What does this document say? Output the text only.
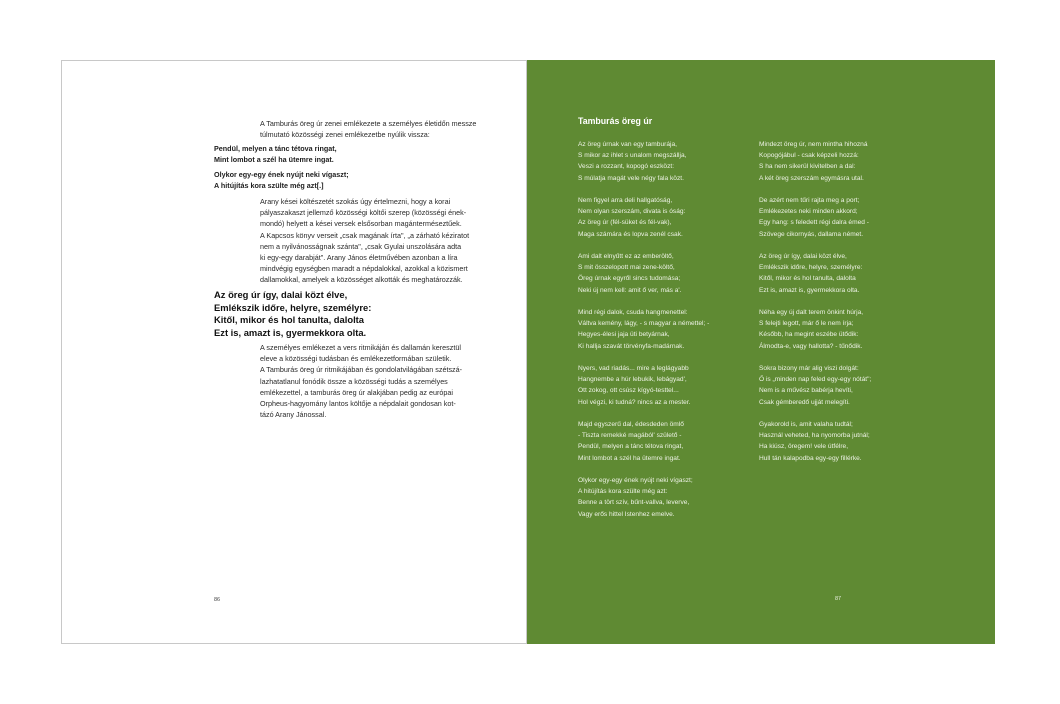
A Tamburás öreg úr zenei emlékezete a személyes életidőn messze

túlmutató közösségi zenei emlékezetbe nyúlik vissza:

Pendül, melyen a tánc tétova ringat,

Mint lombot a szél ha ütemre ingat.

Olykor egy-egy ének nyújt neki vígaszt;

A hitújítás kora szülte még azt[.]

Arany kései költészetét szokás úgy értelmezni, hogy a korai

pályaszakaszt jellemző közösségi költői szerep (közösségi ének-

mondó) helyett a kései versek elsősorban magánterméseztűek.

A Kapcsos könyv verseit „csak magának írta", „a zárható kéziratot

nem a nyilvánosságnak szánta", „csak Gyulai unszolására adta

ki egy-egy darabját". Arany János életművében azonban a líra

mindvégig egységben maradt a népdalokkal, azokkal a közismert

dallamokkal, amelyek a közösséget alkották és meghatározzák.

Az öreg úr így, dalai közt élve,

Emlékszik időre, helyre, személyre:

Kitől, mikor és hol tanulta, dalolta

Ezt is, amazt is, gyermekkora olta.

A személyes emlékezet a vers ritmikáján és dallamán keresztül

eleve a közösségi tudásban és emlékezetformában születik.

A Tamburás öreg úr ritmikájában és gondolatvilágában szétszá-

lazhatatlanul fonódik össze a közösségi tudás a személyes

emlékezettel, a tamburás öreg úr alakjában pedig az európai

Orpheus-hagyomány lantos költője a népdalait gondosan kot-

tázó Arany Jánossal.

86
Tamburás öreg úr
Az öreg úrnak van egy tamburája,
S mikor az ihlet s unalom megszállja,
Veszi a rozzant, kopogó eszközt:
S múlatja magát vele négy fala közt.
Nem figyel arra deli hallgatóság,
Nem olyan szerszám, divata is óság:
Az öreg úr (fél-süket és fél-vak),
Maga számára és lopva zenél csak.
Ami dalt elnyűtt ez az emberöltő,
S mit összelopott mai zene-költő,
Öreg úrnak egyről sincs tudomása;
Neki új nem kell: amit ő ver, más a'.
Mind régi dalok, csuda hangmenettel:
Váltva kemény, lágy, - s magyar a némettel; -
Hegyes-élesi jaja üti betyárnak,
Ki hallja szavát törvényfa-madárnak.
Nyers, vad riadás... mire a leglágyabb
Hangnembe a húr lebukik, lebágyad',
Ott zokog, ott csúsz kígyó-testtel...
Hol végzi, ki tudná? nincs az a mester.
Majd egyszerű dal, édesdeden ömlő
- Tiszta remekké magából' születő -
Pendül, melyen a tánc tétova ringat,
Mint lombot a szél ha ütemre ingat.
Olykor egy-egy ének nyújt neki vígaszt;
A hitújítás kora szülte még azt:
Benne a tört szív, bűnt-vallva, leverve,
Vagy erős hittel Istenhez emelve.
Mindezt öreg úr, nem mintha hihozná
Kopogójábul - csak képzeli hozzá:
S ha nem sikerül kivitelben a dal:
A két öreg szerszám egymásra utal.
De azért nem tűri rajta meg a port;
Emlékezetes neki minden akkord;
Egy hang: s feledett régi dalra émed -
Szövege cikornyás, dallama német.
Az öreg úr így, dalai közt élve,
Emlékszik időre, helyre, személyre:
Kitől, mikor és hol tanulta, dalolta
Ezt is, amazt is, gyermekkora olta.
Néha egy új dalt terem önkint húrja,
S felejti legott, már ő le nem írja;
Később, ha megint eszébe ütődik:
Álmodta-e, vagy hallotta? - tűnődik.
Sokra bizony már alig viszi dolgát:
Ő is „minden nap feled egy-egy nótát";
Nem is a művész babérja hevíti,
Csak gémberedő ujját melegíti.
Gyakorold is, amit valaha tudtál;
Használ veheted, ha nyomorba jutnál;
Ha kiúsz, öregem! vele útfélre,
Hull tán kalapodba egy-egy fillérke.
87
